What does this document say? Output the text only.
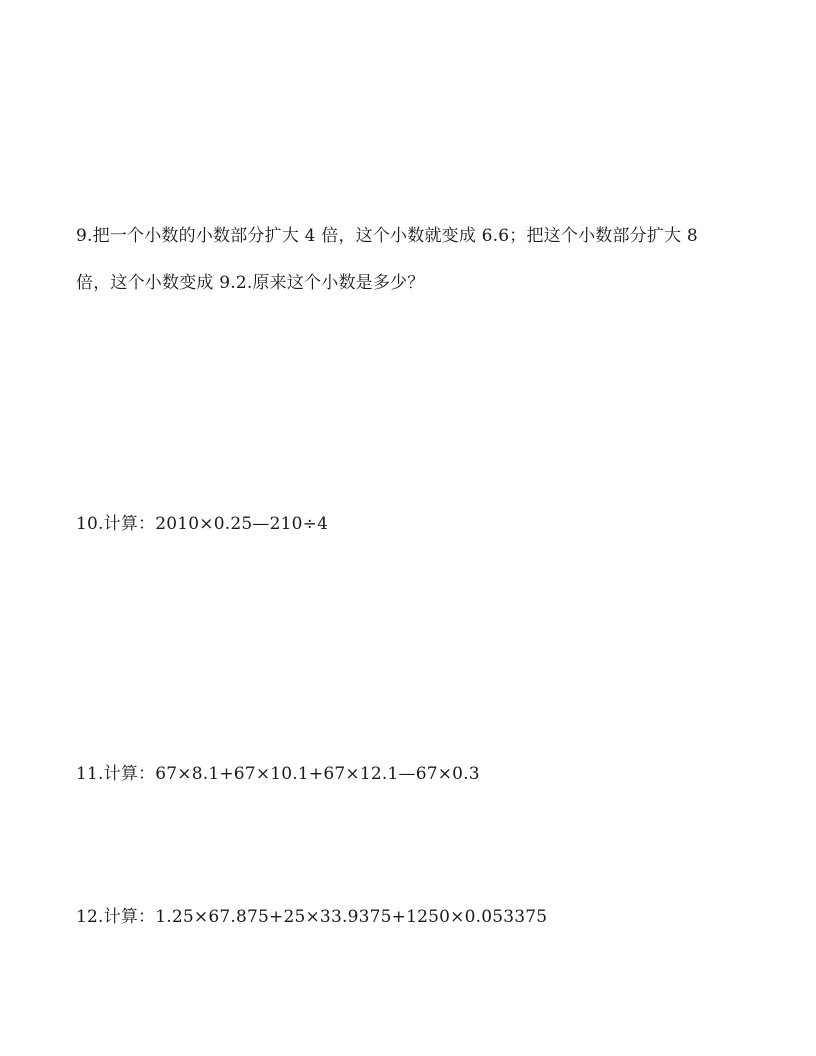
9.把一个小数的小数部分扩大 4 倍，这个小数就变成 6.6；把这个小数部分扩大 8
倍，这个小数变成 9.2.原来这个小数是多少？
10.计算：2010×0.25—210÷4
11.计算：67×8.1+67×10.1+67×12.1—67×0.3
12.计算：1.25×67.875+25×33.9375+1250×0.053375
